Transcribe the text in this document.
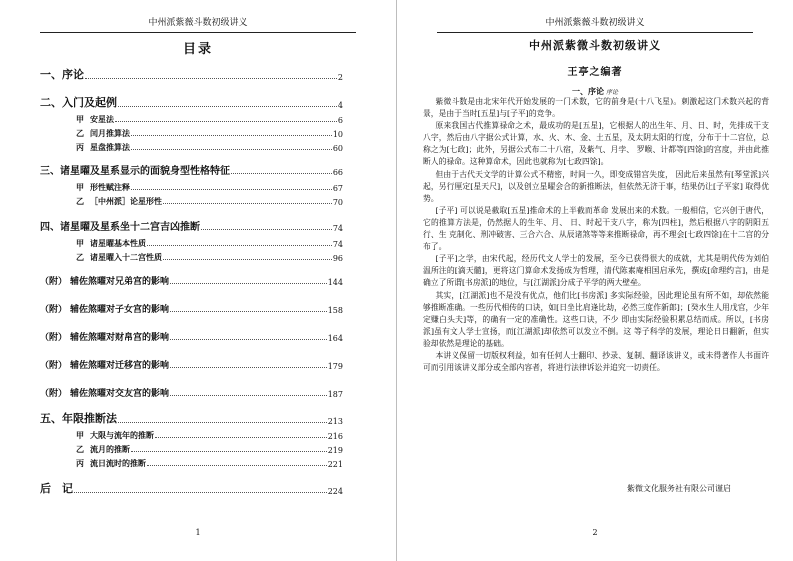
中州派紫薇斗数初级讲义
目录
一、序论	2
二、入门及起例	4
甲 安星法	6
乙 闰月推算法	10
丙 星盘推算法	60
三、诸星曜及星系显示的面貌身型性格特征	66
甲 形性赋注释	67
乙 ［中州派］论星形性	70
四、诸星曜及星系坐十二宫吉凶推断	74
甲 诸星曜基本性质	74
乙 诸星曜入十二宫性质	96
（附） 辅佐煞曜对兄弟宫的影响	144
（附） 辅佐煞曜对子女宫的影响	158
（附） 辅佐煞曜对财帛宫的影响	164
（附） 辅佐煞曜对迁移宫的影响	179
（附） 辅佐煞曜对交友宫的影响	187
五、年限推断法	213
甲 大限与流年的推断	216
乙 流月的推断	219
丙 流日流时的推断	221
后　记	224
1
中州派紫薇斗数初级讲义
中州派紫微斗数初级讲义
王亭之编著
一、序论 序论

紫微斗数是由北宋年代开始发展的一门术数，它的前身是(十八飞星)。刺激起这门术数兴起的背景，是由于当时[五星]与[子平]的竞争。

原来我国古代推算禄命之术，最成功的是[五星]，它根据人的出生年、月、日、时，先排成干支八字，然后由八字据公式计算，水、火、木、金、土五星，及太阴太阳的行度，分布于十二宫位，总称之为[七政]；此外，另据公式布二十八宿，及紫气、月孛、 罗睺、计都等[四馀]的宫度，并由此推断人的禄命。这种算命术，因此也就称为[七政四馀]。

但由于古代天文学的计算公式不精密，时间一久，即变成错宫失度， 因此后来虽然有[琴堂派]兴起，另行厘定[星天尺]，以及创立星曜会合的新推断法，但依然无济于事，结果仍让[子平家] 取得优势。

[子平] 可以说是截取[五星]推命术的上半截而革命 发展出来的术数。一般相信，它兴创于唐代，它的推算方法是，仍然据人的生年、月、 日、时起干支八字，称为[四柱]，然后根据八字的阴阳五行、生 克制化、刑冲破害、三合六合、从辰诸煞等等来推断禄命，再不理会[七政四馀]在十二宫的分布了。

[子平]之学，由宋代起，经历代文人学士的发展，至今已获得很大的成就，尤其是明代传为刘伯温所注的[滴天髓]，更将这门算命术发扬成为哲理，清代陈素庵相国启承先，撰成[命理约言]，由是确立了所谓[书房派]的地位，与[江湖派]分成子平学的两大壁垒。

其实，[江湖派]也不是没有优点，他们比[书房派] 多实际经验，因此理论虽有所不如，却依然能够推断准确。一些历代相传的口诀，如[日坐比肩逢比劫，必然三度作新郎]；[癸水生人用戊官，少年定赚白头夫]等，的确有一定的准确性。这些口诀，不少 即由实际经验积累总结而成。所以，[书房派]虽有文人学士宣扬，而[江湖派]却依然可以发立不倒。这 等子科学的发展，理论日日翻新，但实验却依然是理论的基础。

本讲义保留一切版权利益，如有任何人士翻印、抄录、复制、翻译该讲义，或未得著作人书面许可而引用该讲义部分或全部内容者，将进行法律诉讼并追究一切责任。

紫微文化服务社有限公司谨启
2
